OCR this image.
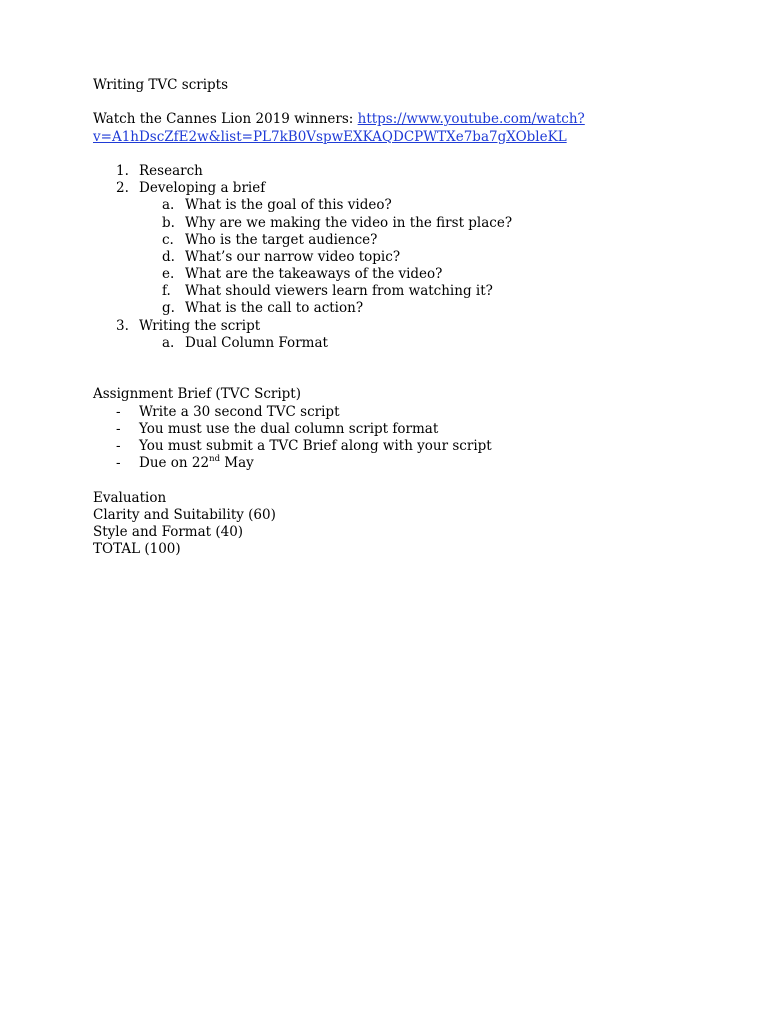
Writing TVC scripts
Watch the Cannes Lion 2019 winners: https://www.youtube.com/watch?
v=A1hDscZfE2w&list=PL7kB0VspwEXKAQDCPWTXe7ba7gXObleKL
1. Research
2. Developing a brief
a. What is the goal of this video?
b. Why are we making the video in the first place?
c. Who is the target audience?
d. What’s our narrow video topic?
e. What are the takeaways of the video?
f. What should viewers learn from watching it?
g. What is the call to action?
3. Writing the script
a. Dual Column Format
Assignment Brief (TVC Script)
- Write a 30 second TVC script
- You must use the dual column script format
- You must submit a TVC Brief along with your script
- Due on 22nd May
Evaluation
Clarity and Suitability (60)
Style and Format (40)
TOTAL (100)
